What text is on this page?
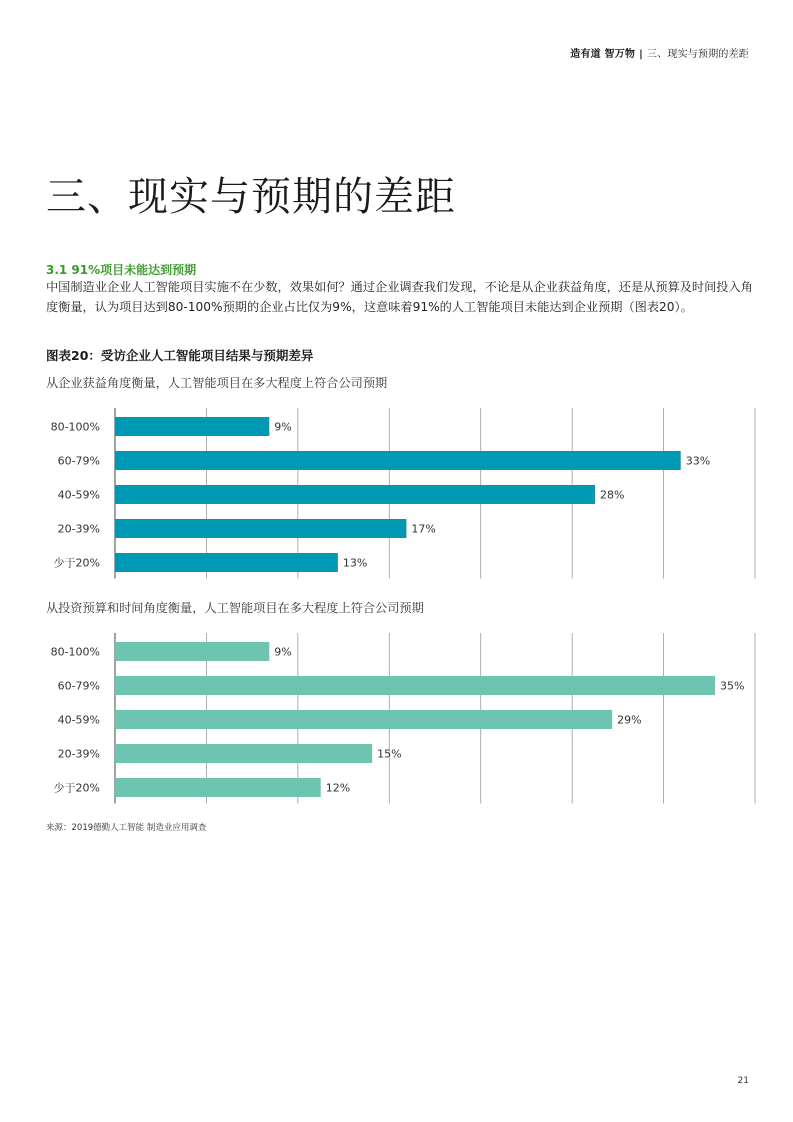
造有道 智万物 | 三、现实与预期的差距
三、现实与预期的差距
3.1 91%项目未能达到预期
中国制造业企业人工智能项目实施不在少数，效果如何？通过企业调查我们发现，不论是从企业获益角度，还是从预算及时间投入角度衡量，认为项目达到80-100%预期的企业占比仅为9%，这意味着91%的人工智能项目未能达到企业预期（图表20）。
图表20：受访企业人工智能项目结果与预期差异
从企业获益角度衡量，人工智能项目在多大程度上符合公司预期
80-100%	9%
60-79%	33%
40-59%	28%
20-39%	17%
少于20%	13%
从投资预算和时间角度衡量，人工智能项目在多大程度上符合公司预期
80-100%	9%
60-79%	35%
40-59%	29%
20-39%	15%
少于20%	12%
来源：2019德勤人工智能 制造业应用调查
21
